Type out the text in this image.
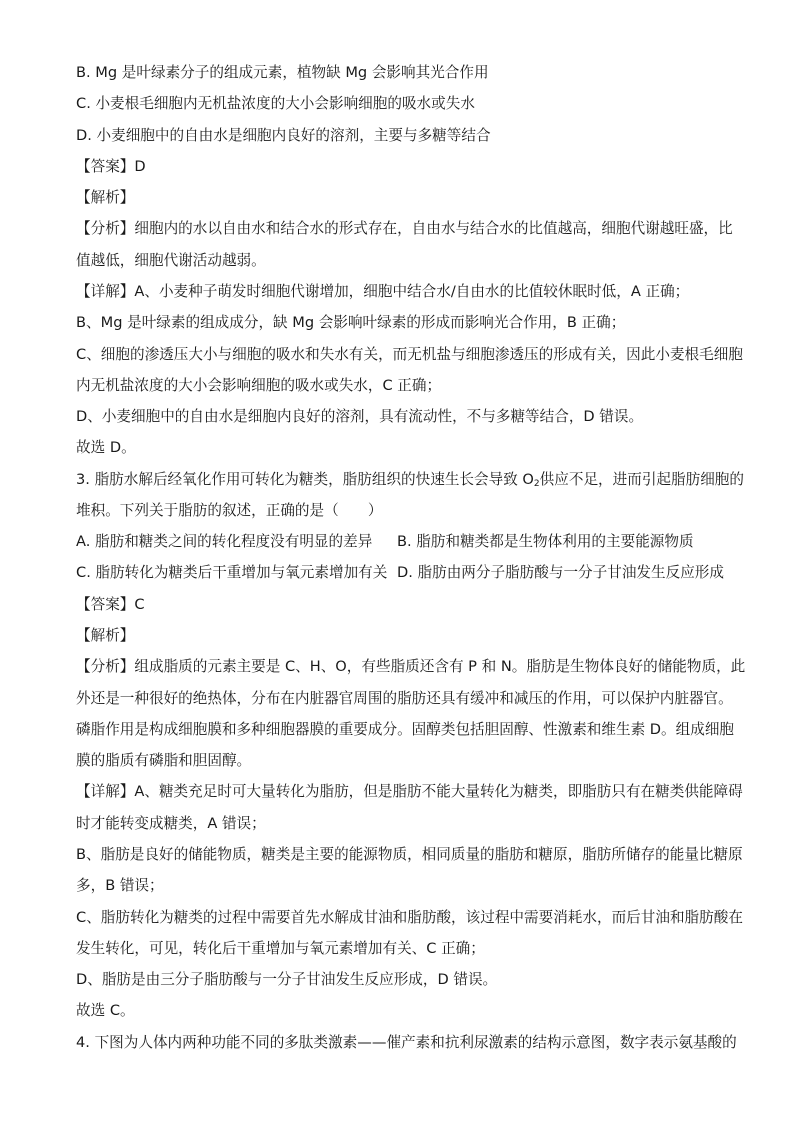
B. Mg 是叶绿素分子的组成元素，植物缺 Mg 会影响其光合作用
C. 小麦根毛细胞内无机盐浓度的大小会影响细胞的吸水或失水
D. 小麦细胞中的自由水是细胞内良好的溶剂，主要与多糖等结合
【答案】D
【解析】
【分析】细胞内的水以自由水和结合水的形式存在，自由水与结合水的比值越高，细胞代谢越旺盛，比
值越低，细胞代谢活动越弱。
【详解】A、小麦种子萌发时细胞代谢增加，细胞中结合水/自由水的比值较休眠时低，A 正确；
B、Mg 是叶绿素的组成成分，缺 Mg 会影响叶绿素的形成而影响光合作用，B 正确；
C、细胞的渗透压大小与细胞的吸水和失水有关，而无机盐与细胞渗透压的形成有关，因此小麦根毛细胞
内无机盐浓度的大小会影响细胞的吸水或失水，C 正确；
D、小麦细胞中的自由水是细胞内良好的溶剂，具有流动性，不与多糖等结合，D 错误。
故选 D。
3. 脂肪水解后经氧化作用可转化为糖类，脂肪组织的快速生长会导致 $O_2$供应不足，进而引起脂肪细胞的
堆积。下列关于脂肪的叙述，正确的是（　　）
A. 脂肪和糖类之间的转化程度没有明显的差异 B. 脂肪和糖类都是生物体利用的主要能源物质
C. 脂肪转化为糖类后干重增加与氧元素增加有关 D. 脂肪由两分子脂肪酸与一分子甘油发生反应形成
【答案】C
【解析】
【分析】组成脂质的元素主要是 C、H、O，有些脂质还含有 P 和 N。脂肪是生物体良好的储能物质，此
外还是一种很好的绝热体，分布在内脏器官周围的脂肪还具有缓冲和减压的作用，可以保护内脏器官。
磷脂作用是构成细胞膜和多种细胞器膜的重要成分。固醇类包括胆固醇、性激素和维生素 D。组成细胞
膜的脂质有磷脂和胆固醇。
【详解】A、糖类充足时可大量转化为脂肪，但是脂肪不能大量转化为糖类，即脂肪只有在糖类供能障碍
时才能转变成糖类，A 错误；
B、脂肪是良好的储能物质，糖类是主要的能源物质，相同质量的脂肪和糖原，脂肪所储存的能量比糖原
多，B 错误；
C、脂肪转化为糖类的过程中需要首先水解成甘油和脂肪酸，该过程中需要消耗水，而后甘油和脂肪酸在
发生转化，可见，转化后干重增加与氧元素增加有关、C 正确；
D、脂肪是由三分子脂肪酸与一分子甘油发生反应形成，D 错误。
故选 C。
4. 下图为人体内两种功能不同的多肽类激素——催产素和抗利尿激素的结构示意图，数字表示氨基酸的
